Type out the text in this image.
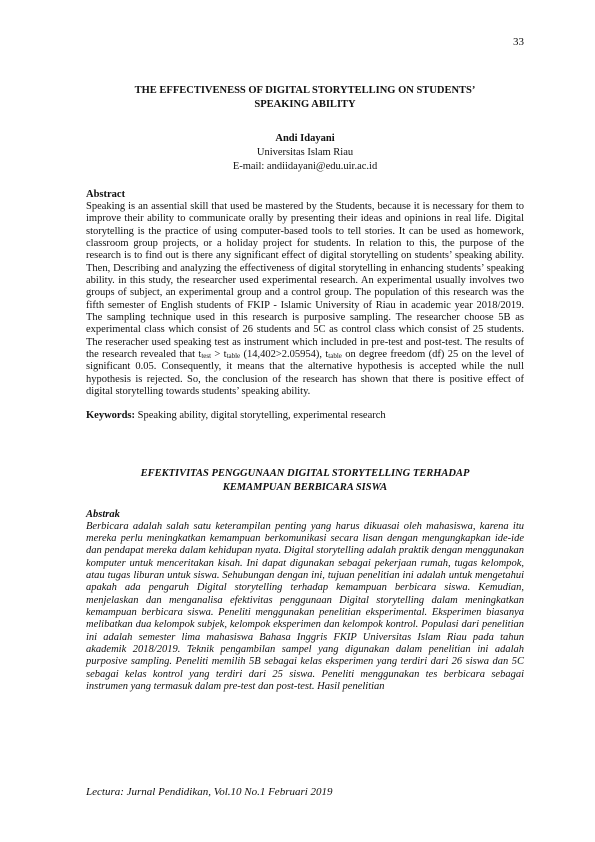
33
THE EFFECTIVENESS OF DIGITAL STORYTELLING ON STUDENTS’
SPEAKING ABILITY
Andi Idayani
Universitas Islam Riau
E-mail: andiidayani@edu.uir.ac.id
Abstract

Speaking is an assential skill that used be mastered by the Students, because it is necessary for them to improve their ability to communicate orally by presenting their ideas and opinions in real life. Digital storytelling is the practice of using computer-based tools to tell stories. It can be used as homework, classroom group projects, or a holiday project for students. In relation to this, the purpose of the research is to find out is there any significant effect of digital storytelling on students’ speaking ability. Then, Describing and analyzing the effectiveness of digital storytelling in enhancing students’ speaking ability. in this study, the researcher used experimental research. An experimental usually involves two groups of subject, an experimental group and a control group. The population of this research was the fifth semester of English students of FKIP - Islamic University of Riau in academic year 2018/2019. The sampling technique used in this research is purposive sampling. The researcher choose 5B as experimental class which consist of 26 students and 5C as control class which consist of 25 students. The reseracher used speaking test as instrument which included in pre-test and post-test. The results of the research revealed that $t_{test} > t_{table}$ (14,402>2.05954), $t_{table}$ on degree freedom (df) 25 on the level of significant 0.05. Consequently, it means that the alternative hypothesis is accepted while the null hypothesis is rejected. So, the conclusion of the research has shown that there is positive effect of digital storytelling towards students’ speaking ability.

Keywords: Speaking ability, digital storytelling, experimental research
EFEKTIVITAS PENGGUNAAN DIGITAL STORYTELLING TERHADAP
KEMAMPUAN BERBICARA SISWA
Abstrak

Berbicara adalah salah satu keterampilan penting yang harus dikuasai oleh mahasiswa, karena itu mereka perlu meningkatkan kemampuan berkomunikasi secara lisan dengan mengungkapkan ide-ide dan pendapat mereka dalam kehidupan nyata. Digital storytelling adalah praktik dengan menggunakan komputer untuk menceritakan kisah. Ini dapat digunakan sebagai pekerjaan rumah, tugas kelompok, atau tugas liburan untuk siswa. Sehubungan dengan ini, tujuan penelitian ini adalah untuk mengetahui apakah ada pengaruh Digital storytelling terhadap kemampuan berbicara siswa. Kemudian, menjelaskan dan menganalisa efektivitas penggunaan Digital storytelling dalam meningkatkan kemampuan berbicara siswa. Peneliti menggunakan penelitian eksperimental. Eksperimen biasanya melibatkan dua kelompok subjek, kelompok eksperimen dan kelompok kontrol. Populasi dari penelitian ini adalah semester lima mahasiswa Bahasa Inggris FKIP Universitas Islam Riau pada tahun akademik 2018/2019. Teknik pengambilan sampel yang digunakan dalam penelitian ini adalah purposive sampling. Peneliti memilih 5B sebagai kelas eksperimen yang terdiri dari 26 siswa dan 5C sebagai kelas kontrol yang terdiri dari 25 siswa. Peneliti menggunakan tes berbicara sebagai instrumen yang termasuk dalam pre-test dan post-test. Hasil penelitian

Lectura: Jurnal Pendidikan, Vol.10 No.1 Februari 2019
